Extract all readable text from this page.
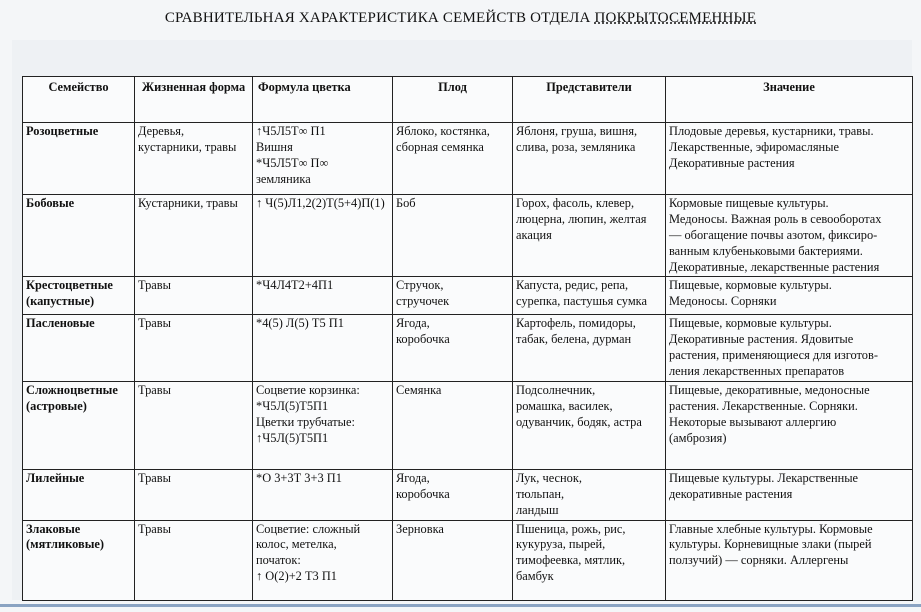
СРАВНИТЕЛЬНАЯ ХАРАКТЕРИСТИКА СЕМЕЙСТВ ОТДЕЛА ПОКРЫТОСЕМЕННЫЕ
Семейство	Жизненная форма	Формула цветка	Плод	Представители	Значение

Розоцветные	Деревья,
кустарники, травы	↑Ч5Л5Т∞ П1
Вишня
*Ч5Л5Т∞ П∞
земляника	Яблоко, костянка,
сборная семянка	Яблоня, груша, вишня,
слива, роза, земляника	Плодовые деревья, кустарники, травы.
Лекарственные, эфиромасляные
Декоративные растения

Бобовые	Кустарники, травы	↑ Ч(5)Л1,2(2)Т(5+4)П(1)	Боб	Горох, фасоль, клевер,
люцерна, люпин, желтая
акация	Кормовые пищевые культуры.
Медоносы. Важная роль в севооборотах
— обогащение почвы азотом, фиксиро-
ванным клубеньковыми бактериями.
Декоративные, лекарственные растения

Крестоцветные
(капустные)	Травы	*Ч4Л4Т2+4П1	Стручок,
стручочек	Капуста, редис, репа,
сурепка, пастушья сумка	Пищевые, кормовые культуры.
Медоносы. Сорняки

Пасленовые	Травы	*4(5) Л(5) Т5 П1	Ягода,
коробочка	Картофель, помидоры,
табак, белена, дурман	Пищевые, кормовые культуры.
Декоративные растения. Ядовитые
растения, применяющиеся для изготов-
ления лекарственных препаратов

Сложноцветные
(астровые)	Травы	Соцветие корзинка:
*Ч5Л(5)Т5П1
Цветки трубчатые:
↑Ч5Л(5)Т5П1	Семянка	Подсолнечник,
ромашка, василек,
одуванчик, бодяк, астра	Пищевые, декоративные, медоносные
растения. Лекарственные. Сорняки.
Некоторые вызывают аллергию
(амброзия)

Лилейные	Травы	*О 3+3Т 3+3 П1	Ягода,
коробочка	Лук, чеснок,
тюльпан,
ландыш	Пищевые культуры. Лекарственные
декоративные растения

Злаковые
(мятликовые)	Травы	Соцветие: сложный
колос, метелка,
початок:
↑ О(2)+2 Т3 П1	Зерновка	Пшеница, рожь, рис,
кукуруза, пырей,
тимофеевка, мятлик,
бамбук	Главные хлебные культуры. Кормовые
культуры. Корневищные злаки (пырей
ползучий) — сорняки. Аллергены
